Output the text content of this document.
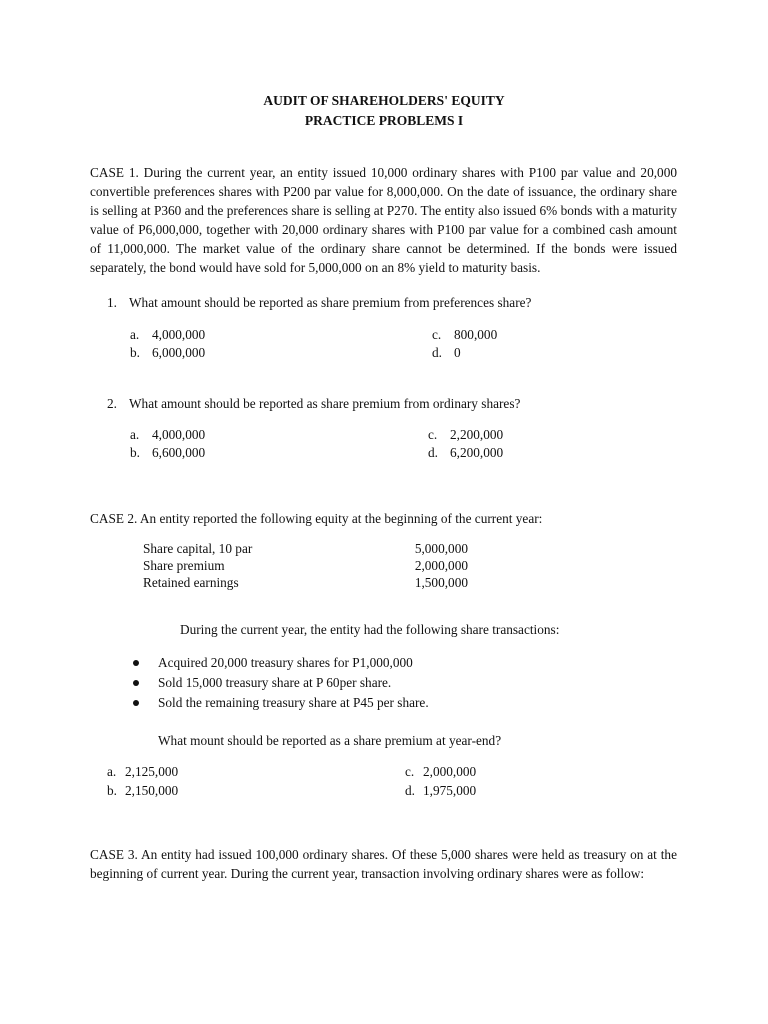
AUDIT OF SHAREHOLDERS' EQUITY
PRACTICE PROBLEMS I
CASE 1. During the current year, an entity issued 10,000 ordinary shares with P100 par value and 20,000 convertible preferences shares with P200 par value for 8,000,000. On the date of issuance, the ordinary share is selling at P360 and the preferences share is selling at P270. The entity also issued 6% bonds with a maturity value of P6,000,000, together with 20,000 ordinary shares with P100 par value for a combined cash amount of 11,000,000. The market value of the ordinary share cannot be determined. If the bonds were issued separately, the bond would have sold for 5,000,000 on an 8% yield to maturity basis.
1. What amount should be reported as share premium from preferences share?
a. 4,000,000
b. 6,000,000
c. 800,000
d. 0
2. What amount should be reported as share premium from ordinary shares?
a. 4,000,000
b. 6,600,000
c. 2,200,000
d. 6,200,000
CASE 2. An entity reported the following equity at the beginning of the current year:
Share capital, 10 par	5,000,000
Share premium	2,000,000
Retained earnings	1,500,000
During the current year, the entity had the following share transactions:
Acquired 20,000 treasury shares for P1,000,000
Sold 15,000 treasury share at P 60per share.
Sold the remaining treasury share at P45 per share.
What mount should be reported as a share premium at year-end?
a. 2,125,000
b. 2,150,000
c. 2,000,000
d. 1,975,000
CASE 3. An entity had issued 100,000 ordinary shares. Of these 5,000 shares were held as treasury on at the beginning of current year. During the current year, transaction involving ordinary shares were as follow:
